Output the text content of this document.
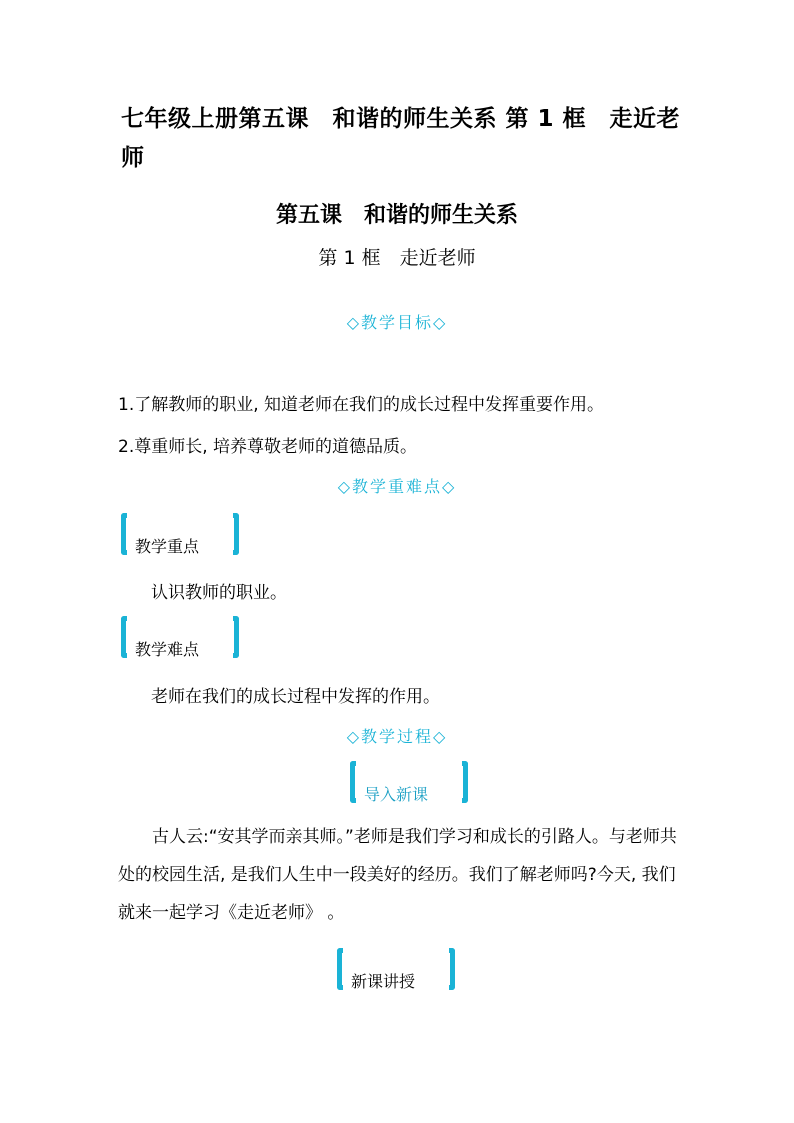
七年级上册第五课　和谐的师生关系 第 1 框　走近老师
第五课　和谐的师生关系
第 1 框　走近老师
◇教学目标◇
1.了解教师的职业, 知道老师在我们的成长过程中发挥重要作用。
2.尊重师长, 培养尊敬老师的道德品质。
◇教学重难点◇
教学重点
认识教师的职业。
教学难点
老师在我们的成长过程中发挥的作用。
◇教学过程◇
导入新课
古人云:“安其学而亲其师。”老师是我们学习和成长的引路人。与老师共处的校园生活, 是我们人生中一段美好的经历。我们了解老师吗?今天, 我们就来一起学习《走近老师》 。
新课讲授
